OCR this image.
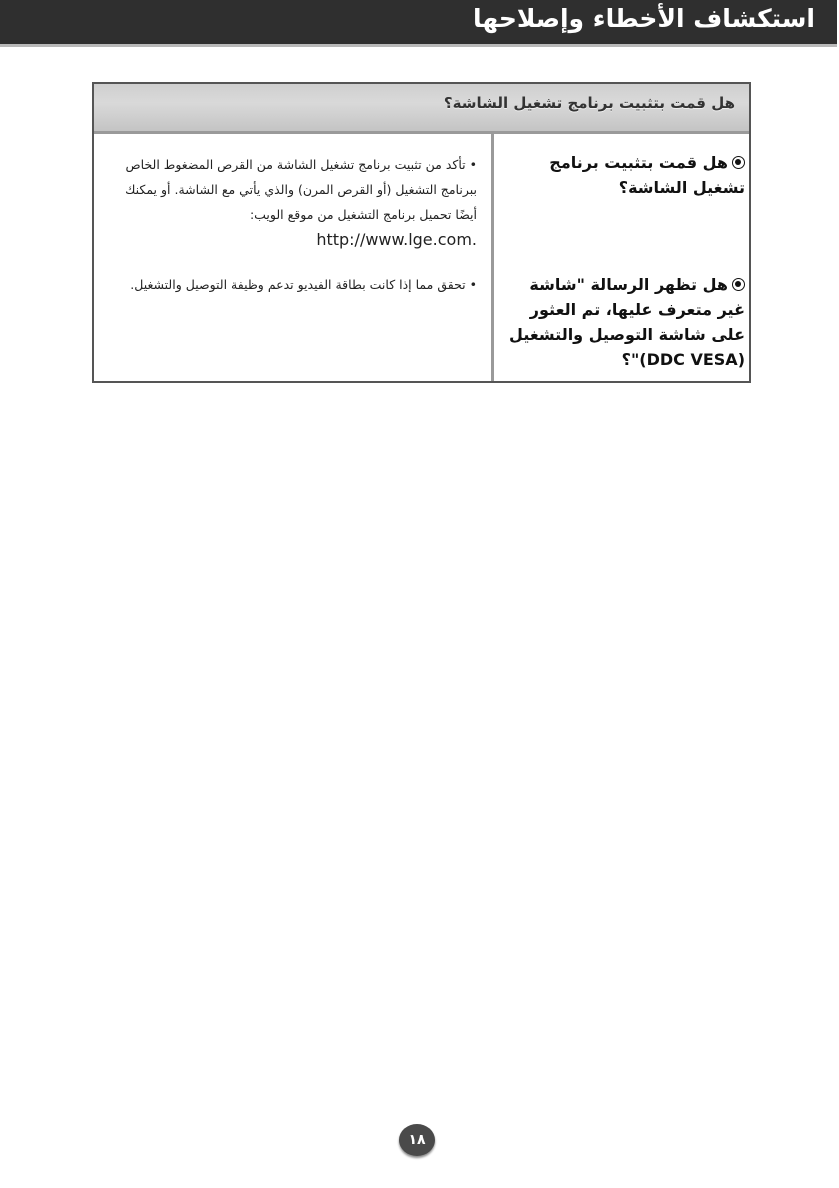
استكشاف الأخطاء وإصلاحها
هل قمت بتثبيت برنامج تشغيل الشاشة؟
هل قمت بتثبيت برنامج تشغيل الشاشة؟
•تأكد من تثبيت برنامج تشغيل الشاشة من القرص المضغوط الخاص ببرنامج التشغيل (أو القرص المرن) والذي يأتي مع الشاشة. أو يمكنك أيضًا تحميل برنامج التشغيل من موقع الويب: http://www.lge.com.
هل تظهر الرسالة "شاشة غير متعرف عليها، تم العثور على شاشة التوصيل والتشغيل (DDC VESA)"؟
•تحقق مما إذا كانت بطاقة الفيديو تدعم وظيفة التوصيل والتشغيل.
١٨
